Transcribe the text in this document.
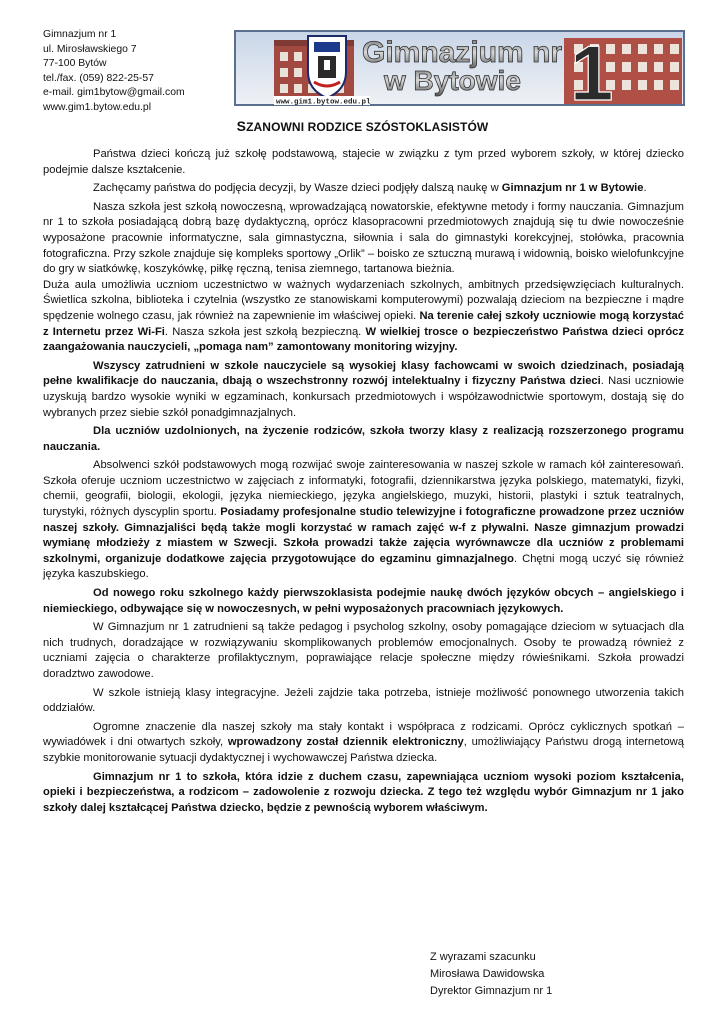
Gimnazjum nr 1
ul. Mirosławskiego 7
77-100 Bytów
tel./fax. (059) 822-25-57
e-mail. gim1bytow@gmail.com
www.gim1.bytow.edu.pl
Gimnazjum nr
w Bytowie 1
www.gim1.bytow.edu.pl
SZANOWNI RODZICE SZÓSTOKLASISTÓW

Państwa dzieci kończą już szkołę podstawową, stajecie w związku z tym przed wyborem szkoły, w której dziecko podejmie dalsze kształcenie.

Zachęcamy państwa do podjęcia decyzji, by Wasze dzieci podjęły dalszą naukę w Gimnazjum nr 1 w Bytowie.

Nasza szkoła jest szkołą nowoczesną, wprowadzającą nowatorskie, efektywne metody i formy nauczania. Gimnazjum nr 1 to szkoła posiadającą dobrą bazę dydaktyczną, oprócz klasopracowni przedmiotowych znajdują się tu dwie nowocześnie wyposażone pracownie informatyczne, sala gimnastyczna, siłownia i sala do gimnastyki korekcyjnej, stołówka, pracownia fotograficzna. Przy szkole znajduje się kompleks sportowy „Orlik” – boisko ze sztuczną murawą i widownią, boisko wielofunkcyjne do gry w siatkówkę, koszykówkę, piłkę ręczną, tenisa ziemnego, tartanowa bieżnia.

Duża aula umożliwia uczniom uczestnictwo w ważnych wydarzeniach szkolnych, ambitnych przedsięwzięciach kulturalnych. Świetlica szkolna, biblioteka i czytelnia (wszystko ze stanowiskami komputerowymi) pozwalają dzieciom na bezpieczne i mądre spędzenie wolnego czasu, jak również na zapewnienie im właściwej opieki. Na terenie całej szkoły uczniowie mogą korzystać z Internetu przez Wi-Fi. Nasza szkoła jest szkołą bezpieczną. W wielkiej trosce o bezpieczeństwo Państwa dzieci oprócz zaangażowania nauczycieli, „pomaga nam” zamontowany monitoring wizyjny.

Wszyscy zatrudnieni w szkole nauczyciele są wysokiej klasy fachowcami w swoich dziedzinach, posiadają pełne kwalifikacje do nauczania, dbają o wszechstronny rozwój intelektualny i fizyczny Państwa dzieci. Nasi uczniowie uzyskują bardzo wysokie wyniki w egzaminach, konkursach przedmiotowych i współzawodnictwie sportowym, dostają się do wybranych przez siebie szkół ponadgimnazjalnych.

Dla uczniów uzdolnionych, na życzenie rodziców, szkoła tworzy klasy z realizacją rozszerzonego programu nauczania.

Absolwenci szkół podstawowych mogą rozwijać swoje zainteresowania w naszej szkole w ramach kół zainteresowań. Szkoła oferuje uczniom uczestnictwo w zajęciach z informatyki, fotografii, dziennikarstwa języka polskiego, matematyki, fizyki, chemii, geografii, biologii, ekologii, języka niemieckiego, języka angielskiego, muzyki, historii, plastyki i sztuk teatralnych, turystyki, różnych dyscyplin sportu. Posiadamy profesjonalne studio telewizyjne i fotograficzne prowadzone przez uczniów naszej szkoły. Gimnazjaliści będą także mogli korzystać w ramach zajęć w-f z pływalni. Nasze gimnazjum prowadzi wymianę młodzieży z miastem w Szwecji. Szkoła prowadzi także zajęcia wyrównawcze dla uczniów z problemami szkolnymi, organizuje dodatkowe zajęcia przygotowujące do egzaminu gimnazjalnego. Chętni mogą uczyć się również języka kaszubskiego.

Od nowego roku szkolnego każdy pierwszoklasista podejmie naukę dwóch języków obcych – angielskiego i niemieckiego, odbywające się w nowoczesnych, w pełni wyposażonych pracowniach językowych.

W Gimnazjum nr 1 zatrudnieni są także pedagog i psycholog szkolny, osoby pomagające dzieciom w sytuacjach dla nich trudnych, doradzające w rozwiązywaniu skomplikowanych problemów emocjonalnych. Osoby te prowadzą również z uczniami zajęcia o charakterze profilaktycznym, poprawiające relacje społeczne między rówieśnikami. Szkoła prowadzi doradztwo zawodowe.

W szkole istnieją klasy integracyjne. Jeżeli zajdzie taka potrzeba, istnieje możliwość ponownego utworzenia takich oddziałów.

Ogromne znaczenie dla naszej szkoły ma stały kontakt i współpraca z rodzicami. Oprócz cyklicznych spotkań – wywiadówek i dni otwartych szkoły, wprowadzony został dziennik elektroniczny, umożliwiający Państwu drogą internetową szybkie monitorowanie sytuacji dydaktycznej i wychowawczej Państwa dziecka.

Gimnazjum nr 1 to szkoła, która idzie z duchem czasu, zapewniająca uczniom wysoki poziom kształcenia, opieki i bezpieczeństwa, a rodzicom – zadowolenie z rozwoju dziecka. Z tego też względu wybór Gimnazjum nr 1 jako szkoły dalej kształcącej Państwa dziecko, będzie z pewnością wyborem właściwym.

Z wyrazami szacunku
Mirosława Dawidowska
Dyrektor Gimnazjum nr 1
